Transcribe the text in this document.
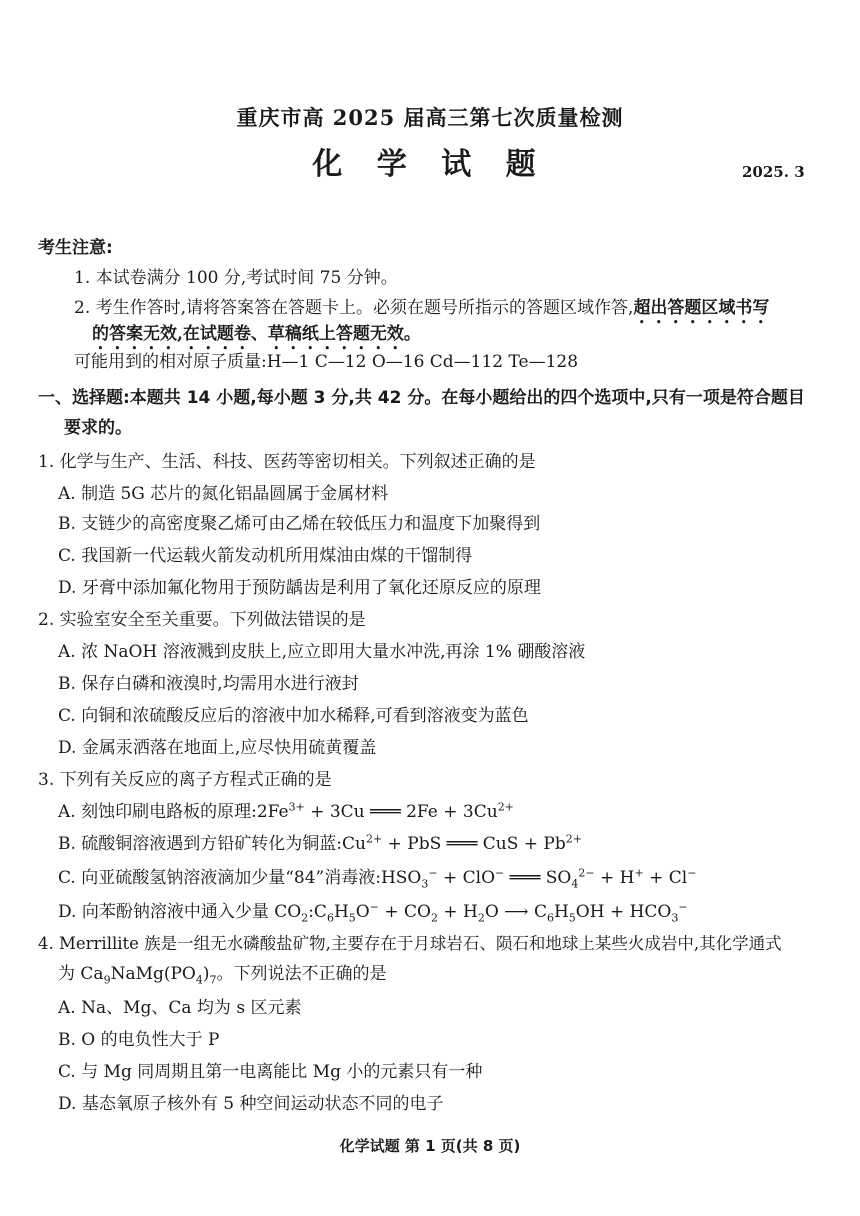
重庆市高 2025 届高三第七次质量检测
化 学 试 题	2025. 3
考生注意:
1. 本试卷满分 100 分,考试时间 75 分钟。
2. 考生作答时,请将答案答在答题卡上。必须在题号所指示的答题区域作答,超出答题区域书写
的答案无效,在试题卷、草稿纸上答题无效。
可能用到的相对原子质量:H—1 C—12 O—16 Cd—112 Te—128
一、选择题:本题共 14 小题,每小题 3 分,共 42 分。在每小题给出的四个选项中,只有一项是符合题目
要求的。
1. 化学与生产、生活、科技、医药等密切相关。下列叙述正确的是
A. 制造 5G 芯片的氮化铝晶圆属于金属材料
B. 支链少的高密度聚乙烯可由乙烯在较低压力和温度下加聚得到
C. 我国新一代运载火箭发动机所用煤油由煤的干馏制得
D. 牙膏中添加氟化物用于预防龋齿是利用了氧化还原反应的原理
2. 实验室安全至关重要。下列做法错误的是
A. 浓 NaOH 溶液溅到皮肤上,应立即用大量水冲洗,再涂 1% 硼酸溶液
B. 保存白磷和液溴时,均需用水进行液封
C. 向铜和浓硫酸反应后的溶液中加水稀释,可看到溶液变为蓝色
D. 金属汞洒落在地面上,应尽快用硫黄覆盖
3. 下列有关反应的离子方程式正确的是
A. 刻蚀印刷电路板的原理$:2Fe^{3+} + 3Cu$ ═══ $2Fe + 3Cu^{2+}$
B. 硫酸铜溶液遇到方铅矿转化为铜蓝$:Cu^{2+}$ + PbS ═══ CuS + $Pb^{2+}$
C. 向亚硫酸氢钠溶液滴加少量“84”消毒液$:HSO_3^- + ClO^-$ ═══ $SO_4^{2-} + H^+ + Cl^-$
D. 向苯酚钠溶液中通入少量 $CO_2:C_6H_5O^- + CO_2 + H_2O$ ⟶ $C_6H_5OH + HCO_3^-$
4. Merrillite 族是一组无水磷酸盐矿物,主要存在于月球岩石、陨石和地球上某些火成岩中,其化学通式
为 $Ca_9NaMg(PO_4)_7$。下列说法不正确的是
A. Na、Mg、Ca 均为 s 区元素
B. O 的电负性大于 P
C. 与 Mg 同周期且第一电离能比 Mg 小的元素只有一种
D. 基态氧原子核外有 5 种空间运动状态不同的电子
化学试题 第 1 页(共 8 页)
